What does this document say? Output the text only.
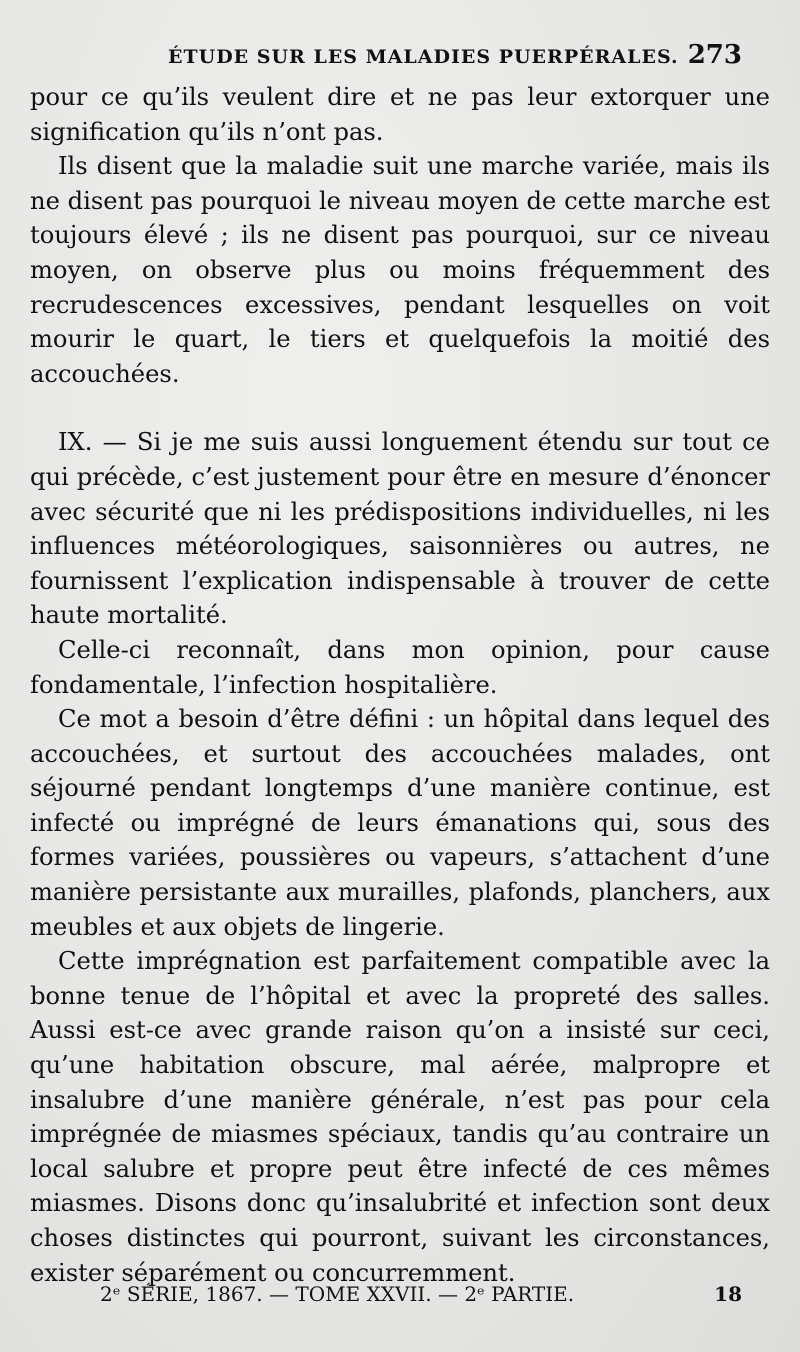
ÉTUDE SUR LES MALADIES PUERPÉRALES. 273

pour ce qu’ils veulent dire et ne pas leur extorquer une signification qu’ils n’ont pas.

Ils disent que la maladie suit une marche variée, mais ils ne disent pas pourquoi le niveau moyen de cette marche est toujours élevé ; ils ne disent pas pourquoi, sur ce niveau moyen, on observe plus ou moins fréquemment des recrudescences excessives, pendant lesquelles on voit mourir le quart, le tiers et quelquefois la moitié des accouchées.

IX. — Si je me suis aussi longuement étendu sur tout ce qui précède, c’est justement pour être en mesure d’énoncer avec sécurité que ni les prédispositions individuelles, ni les influences météorologiques, saisonnières ou autres, ne fournissent l’explication indispensable à trouver de cette haute mortalité.

Celle-ci reconnaît, dans mon opinion, pour cause fondamentale, l’infection hospitalière.

Ce mot a besoin d’être défini : un hôpital dans lequel des accouchées, et surtout des accouchées malades, ont séjourné pendant longtemps d’une manière continue, est infecté ou imprégné de leurs émanations qui, sous des formes variées, poussières ou vapeurs, s’attachent d’une manière persistante aux murailles, plafonds, planchers, aux meubles et aux objets de lingerie.

Cette imprégnation est parfaitement compatible avec la bonne tenue de l’hôpital et avec la propreté des salles. Aussi est-ce avec grande raison qu’on a insisté sur ceci, qu’une habitation obscure, mal aérée, malpropre et insalubre d’une manière générale, n’est pas pour cela imprégnée de miasmes spéciaux, tandis qu’au contraire un local salubre et propre peut être infecté de ces mêmes miasmes. Disons donc qu’insalubrité et infection sont deux choses distinctes qui pourront, suivant les circonstances, exister séparément ou concurremment.

2ᵉ SÉRIE, 1867. — TOME XXVII. — 2ᵉ PARTIE.	18
